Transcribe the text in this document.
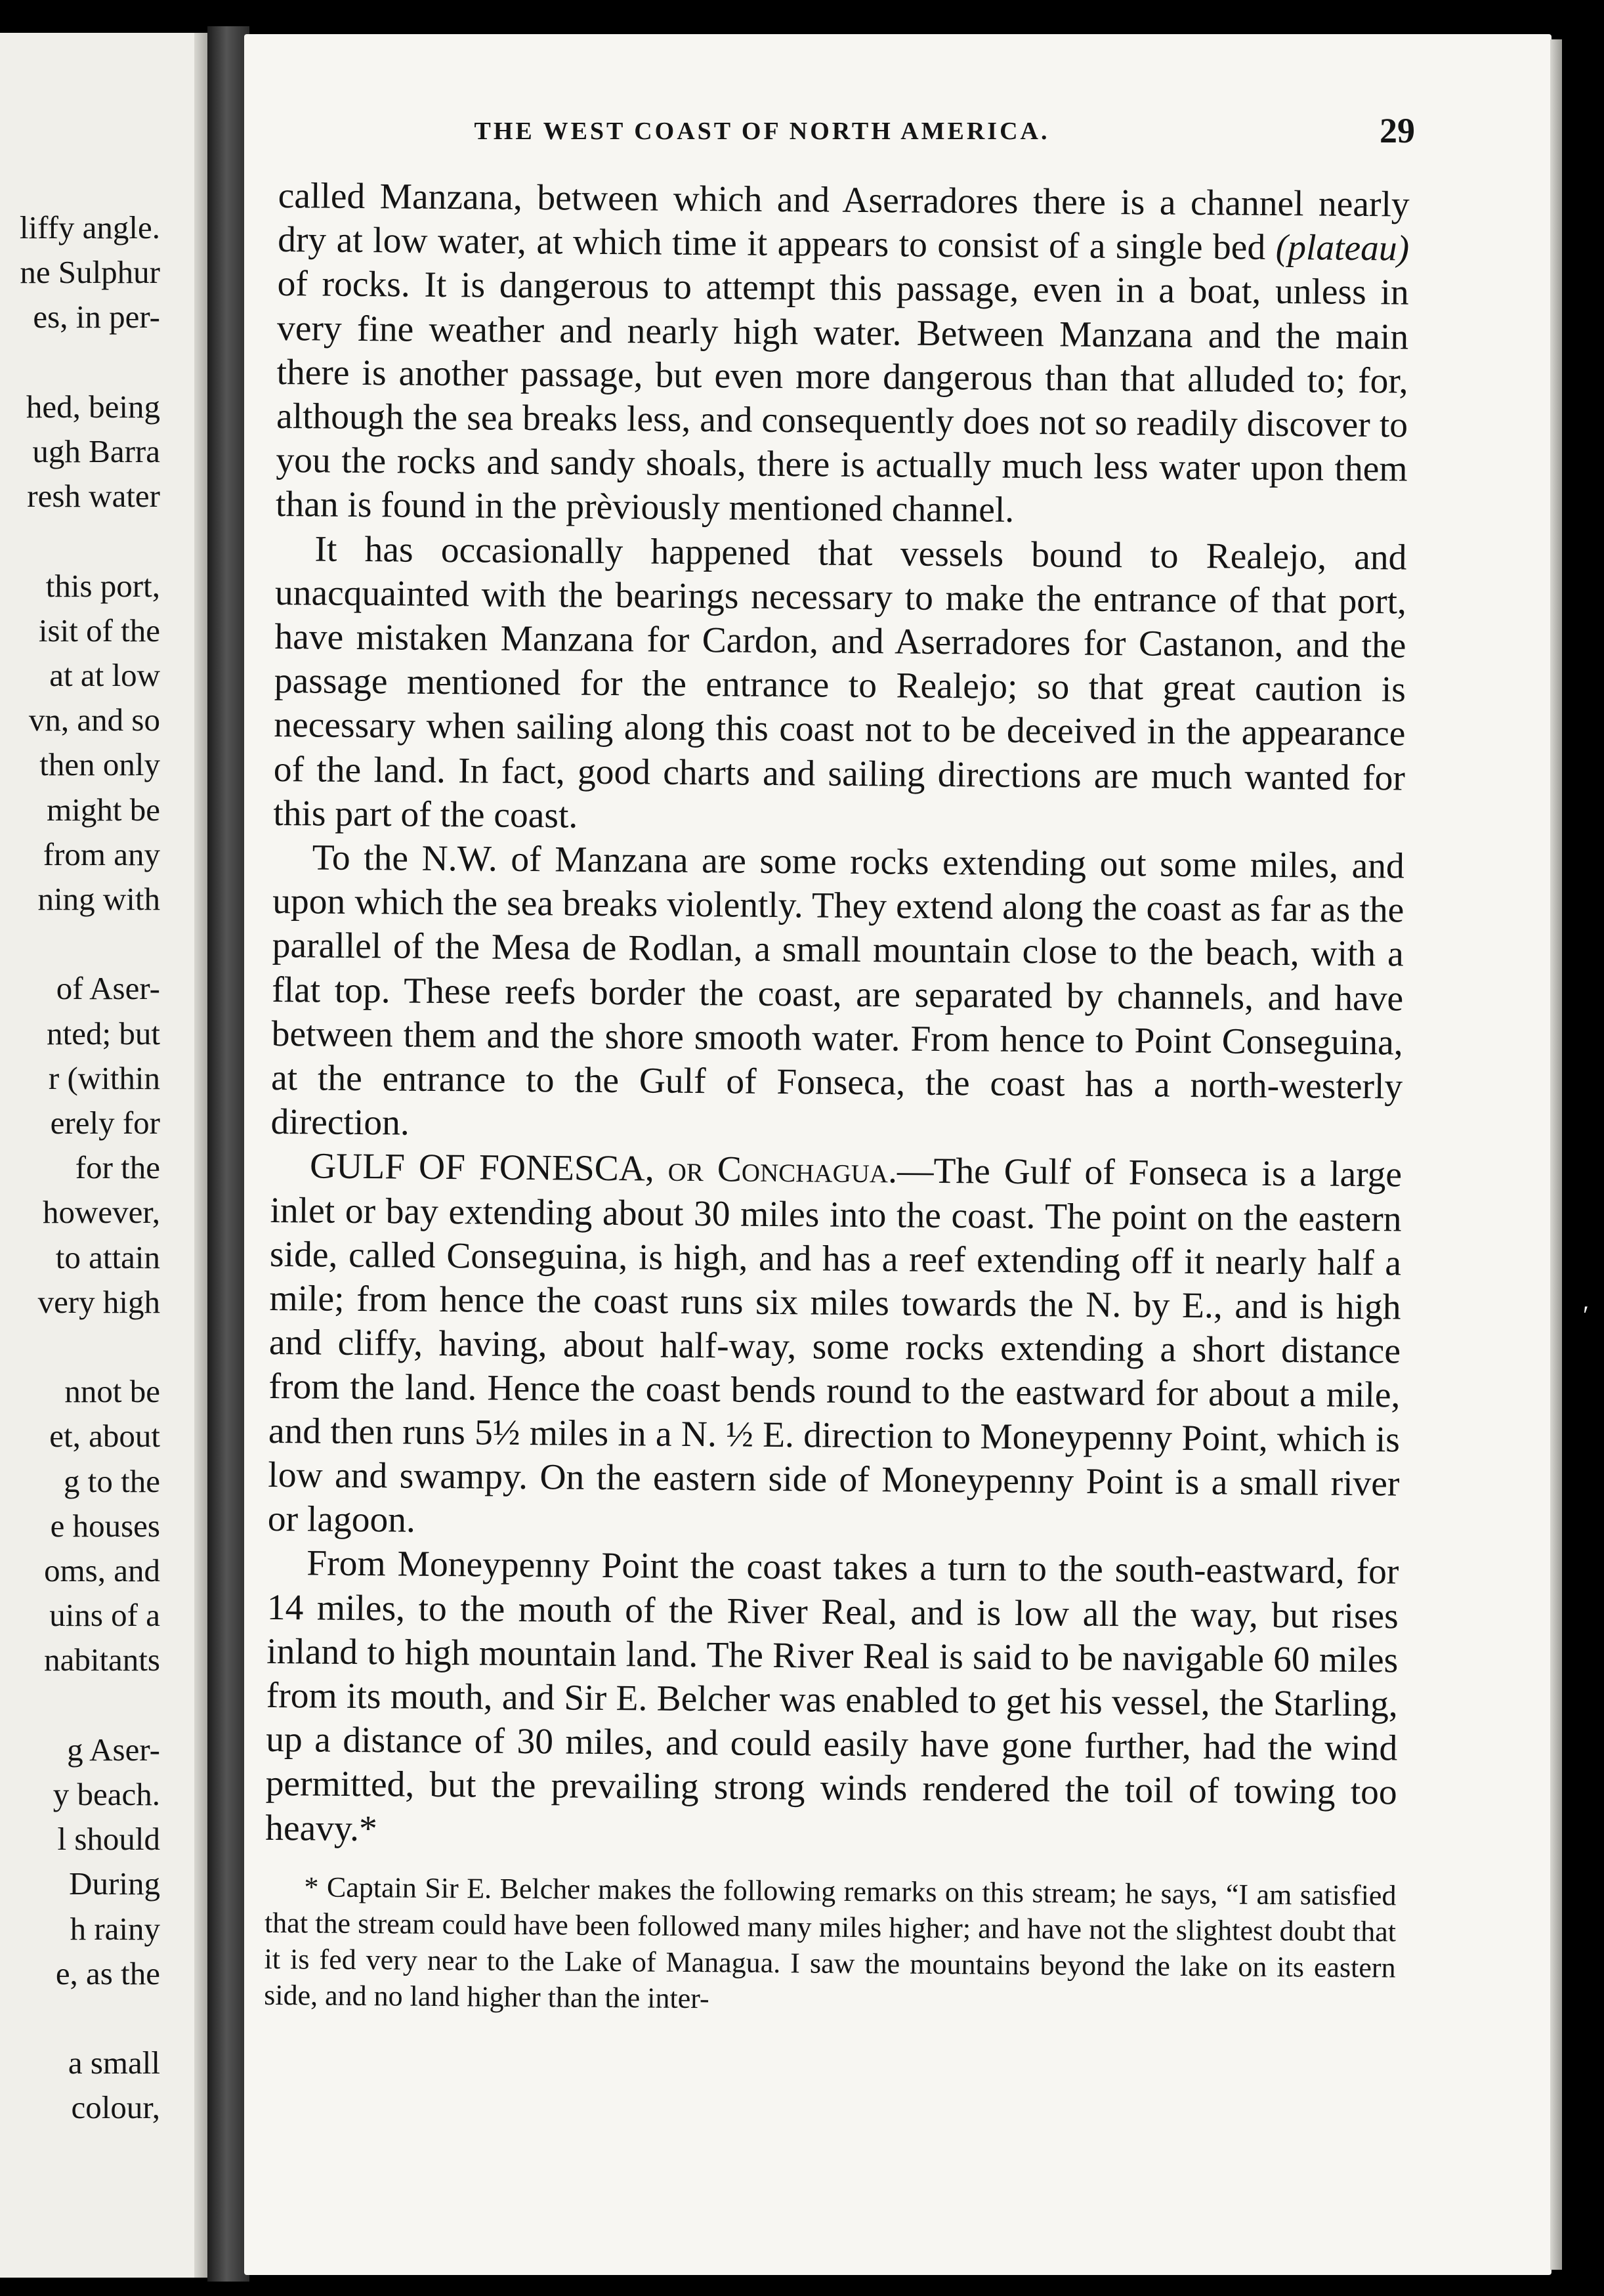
liffy angle.
ne Sulphur
es, in per-
hed, being
ugh Barra
resh water
this port,
isit of the
at at low
vn, and so
then only
might be
from any
ning with
of Aser-
nted; but
r (within
erely for
for the
however,
to attain
very high
nnot be
et, about
g to the
e houses
oms, and
uins of a
nabitants
g Aser-
y beach.
l should
During
h rainy
e, as the
a small
colour,
THE WEST COAST OF NORTH AMERICA.	29

called Manzana, between which and Aserradores there is a channel nearly dry at low water, at which time it appears to consist of a single bed (plateau) of rocks. It is dangerous to attempt this passage, even in a boat, unless in very fine weather and nearly high water. Between Manzana and the main there is another passage, but even more dangerous than that alluded to; for, although the sea breaks less, and consequently does not so readily discover to you the rocks and sandy shoals, there is actually much less water upon them than is found in the prèviously mentioned channel.

It has occasionally happened that vessels bound to Realejo, and unacquainted with the bearings necessary to make the entrance of that port, have mistaken Manzana for Cardon, and Aserradores for Castanon, and the passage mentioned for the entrance to Realejo; so that great caution is necessary when sailing along this coast not to be deceived in the appearance of the land. In fact, good charts and sailing directions are much wanted for this part of the coast.

To the N.W. of Manzana are some rocks extending out some miles, and upon which the sea breaks violently. They extend along the coast as far as the parallel of the Mesa de Rodlan, a small mountain close to the beach, with a flat top. These reefs border the coast, are separated by channels, and have between them and the shore smooth water. From hence to Point Conseguina, at the entrance to the Gulf of Fonseca, the coast has a north-westerly direction.

GULF OF FONESCA, or Conchagua.—The Gulf of Fonseca is a large inlet or bay extending about 30 miles into the coast. The point on the eastern side, called Conseguina, is high, and has a reef extending off it nearly half a mile; from hence the coast runs six miles towards the N. by E., and is high and cliffy, having, about half-way, some rocks extending a short distance from the land. Hence the coast bends round to the eastward for about a mile, and then runs 5½ miles in a N. ½ E. direction to Moneypenny Point, which is low and swampy. On the eastern side of Moneypenny Point is a small river or lagoon.

From Moneypenny Point the coast takes a turn to the south-eastward, for 14 miles, to the mouth of the River Real, and is low all the way, but rises inland to high mountain land. The River Real is said to be navigable 60 miles from its mouth, and Sir E. Belcher was enabled to get his vessel, the Starling, up a distance of 30 miles, and could easily have gone further, had the wind permitted, but the prevailing strong winds rendered the toil of towing too heavy.*

* Captain Sir E. Belcher makes the following remarks on this stream; he says, “I am satisfied that the stream could have been followed many miles higher; and have not the slightest doubt that it is fed very near to the Lake of Managua. I saw the mountains beyond the lake on its eastern side, and no land higher than the inter-

′
